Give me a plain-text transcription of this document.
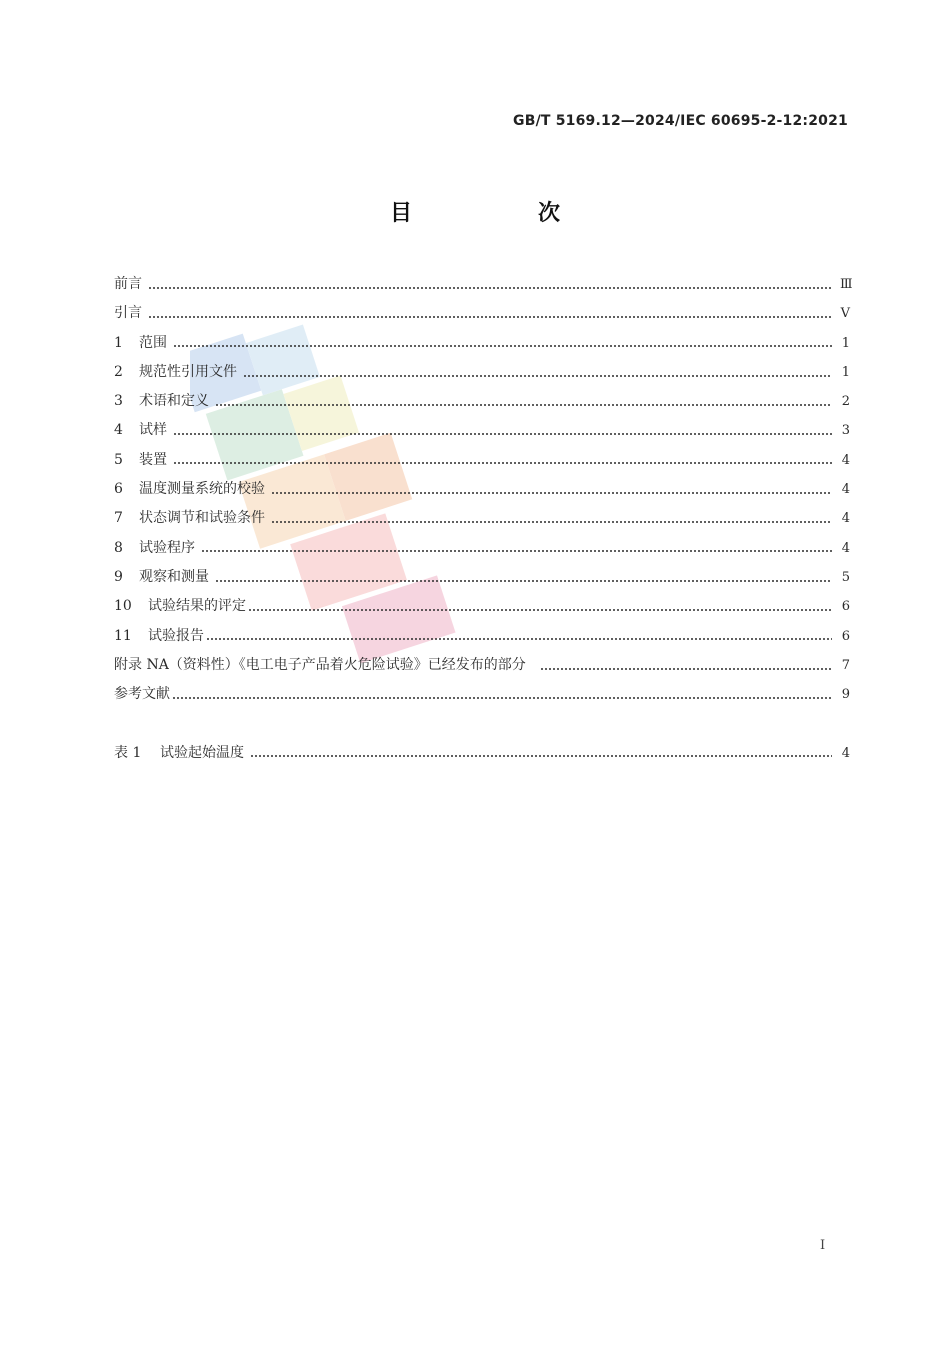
GB/T 5169.12—2024/IEC 60695-2-12:2021
目　次
前言	Ⅲ
引言	Ⅴ
1	范围	1
2	规范性引用文件	1
3	术语和定义	2
4	试样	3
5	装置	4
6	温度测量系统的校验	4
7	状态调节和试验条件	4
8	试验程序	4
9	观察和测量	5
10	试验结果的评定	6
11	试验报告	6
附录 NA（资料性）《电工电子产品着火危险试验》已经发布的部分	7
参考文献	9
表 1	试验起始温度	4
Ⅰ
